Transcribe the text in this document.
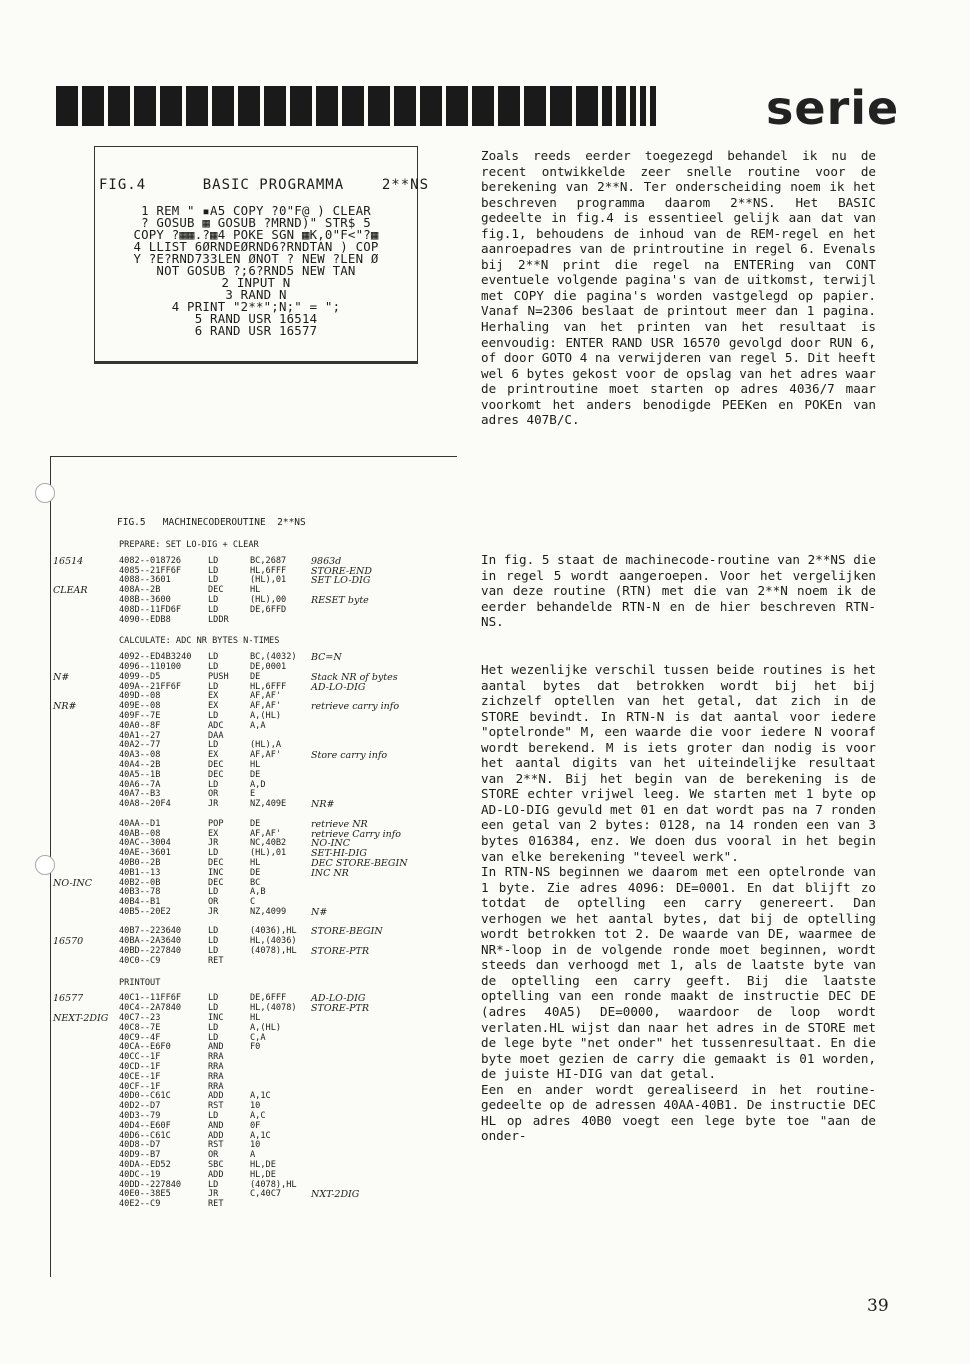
serie
FIG.4      BASIC PROGRAMMA    2**NS
1 REM " ▪A5 COPY ?0"F@ ) CLEAR
? GOSUB ▦ GOSUB ?MRND)" STR$ 5
COPY ?▦▦.?▦4 POKE SGN ▦K,0"F<"?▦
4 LLIST 6ØRNDEØRND6?RNDTAN ) COP
Y ?E?RND733LEN ØNOT ? NEW ?LEN Ø
NOT GOSUB ?;6?RND5 NEW TAN
2 INPUT N
3 RAND N
4 PRINT "2**";N;" = ";
5 RAND USR 16514
6 RAND USR 16577
FIG.5   MACHINECODEROUTINE  2**NS
PREPARE: SET LO-DIG + CLEAR
16514	4082--018726	LD	BC,2687	9863d
4085--21FF6F	LD	HL,6FFF	STORE-END
4088--3601	LD	(HL),01	SET LO-DIG
CLEAR	408A--2B	DEC	HL
408B--3600	LD	(HL),00	RESET byte
408D--11FD6F	LD	DE,6FFD
4090--EDB8	LDDR
CALCULATE: ADC NR BYTES N-TIMES
4092--ED4B3240 LD	BC,(4032) BC=N
4096--110100	LD	DE,0001
N#	4099--D5	PUSH DE	Stack NR of bytes
409A--21FF6F	LD	HL,6FFF	AD-LO-DIG
409D--08	EX	AF,AF'
NR#	409E--08	EX	AF,AF'	retrieve carry info
409F--7E	LD	A,(HL)
40A0--8F	ADC	A,A
40A1--27	DAA
40A2--77	LD	(HL),A
40A3--08	EX	AF,AF'	Store carry info
40A4--2B	DEC	HL
40A5--1B	DEC	DE
40A6--7A	LD	A,D
40A7--B3	OR	E
40A8--20F4	JR	NZ,409E	NR#
40AA--D1	POP	DE	retrieve NR
40AB--08	EX	AF,AF'	retrieve Carry info
40AC--3004	JR	NC,40B2	NO-INC
40AE--3601	LD	(HL),01	SET-HI-DIG
40B0--2B	DEC	HL	DEC STORE-BEGIN
40B1--13	INC	DE	INC NR
NO-INC	40B2--0B	DEC	BC
40B3--78	LD	A,B
40B4--B1	OR	C
40B5--20E2	JR	NZ,4099	N#
40B7--223640	LD	(4036),HL STORE-BEGIN
16570	40BA--2A3640	LD	HL,(4036)
40BD--227840	LD	(4078),HL STORE-PTR
40C0--C9	RET
PRINTOUT
16577	40C1--11FF6F	LD	DE,6FFF	AD-LO-DIG
40C4--2A7840	LD	HL,(4078) STORE-PTR
NEXT-2DIG 40C7--23	INC	HL
40C8--7E	LD	A,(HL)
40C9--4F	LD	C,A
40CA--E6F0	AND	F0
40CC--1F	RRA
40CD--1F	RRA
40CE--1F	RRA
40CF--1F	RRA
40D0--C61C	ADD	A,1C
40D2--D7	RST	10
40D3--79	LD	A,C
40D4--E60F	AND	0F
40D6--C61C	ADD	A,1C
40D8--D7	RST	10
40D9--B7	OR	A
40DA--ED52	SBC	HL,DE
40DC--19	ADD	HL,DE
40DD--227840	LD	(4078),HL
40E0--38E5	JR	C,40C7	NXT-2DIG
40E2--C9	RET

Zoals reeds eerder toegezegd behandel ik nu de recent ontwikkelde zeer snelle routine voor de berekening van 2**N. Ter onderscheiding noem ik het beschreven programma daarom 2**NS. Het BASIC gedeelte in fig.4 is essentieel gelijk aan dat van fig.1, behoudens de inhoud van de REM-regel en het aanroepadres van de printroutine in regel 6. Evenals bij 2**N print die regel na ENTERing van CONT eventuele volgende pagina's van de uitkomst, terwijl met COPY die pagina's worden vastgelegd op papier. Vanaf N=2306 beslaat de printout meer dan 1 pagina. Herhaling van het printen van het resultaat is eenvoudig: ENTER RAND USR 16570 gevolgd door RUN 6, of door GOTO 4 na verwijderen van regel 5. Dit heeft wel 6 bytes gekost voor de opslag van het adres waar de printroutine moet starten op adres 4036/7 maar voorkomt het anders benodigde PEEKen en POKEn van adres 407B/C.

In fig. 5 staat de machinecode-routine van 2**NS die in regel 5 wordt aangeroepen. Voor het vergelijken van deze routine (RTN) met die van 2**N noem ik de eerder behandelde RTN-N en de hier beschreven RTN-NS.

Het wezenlijke verschil tussen beide routines is het aantal bytes dat betrokken wordt bij het bij zichzelf optellen van het getal, dat zich in de STORE bevindt. In RTN-N is dat aantal voor iedere "optelronde" M, een waarde die voor iedere N vooraf wordt berekend. M is iets groter dan nodig is voor het aantal digits van het uiteindelijke resultaat van 2**N. Bij het begin van de berekening is de STORE echter vrijwel leeg. We starten met 1 byte op AD-LO-DIG gevuld met 01 en dat wordt pas na 7 ronden een getal van 2 bytes: 0128, na 14 ronden een van 3 bytes 016384, enz. We doen dus vooral in het begin van elke berekening "teveel werk".

In RTN-NS beginnen we daarom met een optelronde van 1 byte. Zie adres 4096: DE=0001. En dat blijft zo totdat de optelling een carry genereert. Dan verhogen we het aantal bytes, dat bij de optelling wordt betrokken tot 2. De waarde van DE, waarmee de NR*-loop in de volgende ronde moet beginnen, wordt steeds dan verhoogd met 1, als de laatste byte van de optelling een carry geeft. Bij die laatste optelling van een ronde maakt de instructie DEC DE (adres 40A5) DE=0000, waardoor de loop wordt verlaten.HL wijst dan naar het adres in de STORE met de lege byte "net onder" het tussenresultaat. En die byte moet gezien de carry die gemaakt is 01 worden, de juiste HI-DIG van dat getal.

Een en ander wordt gerealiseerd in het routine-gedeelte op de adressen 40AA-40B1. De instructie DEC HL op adres 40B0 voegt een lege byte toe "aan de onder-

39
